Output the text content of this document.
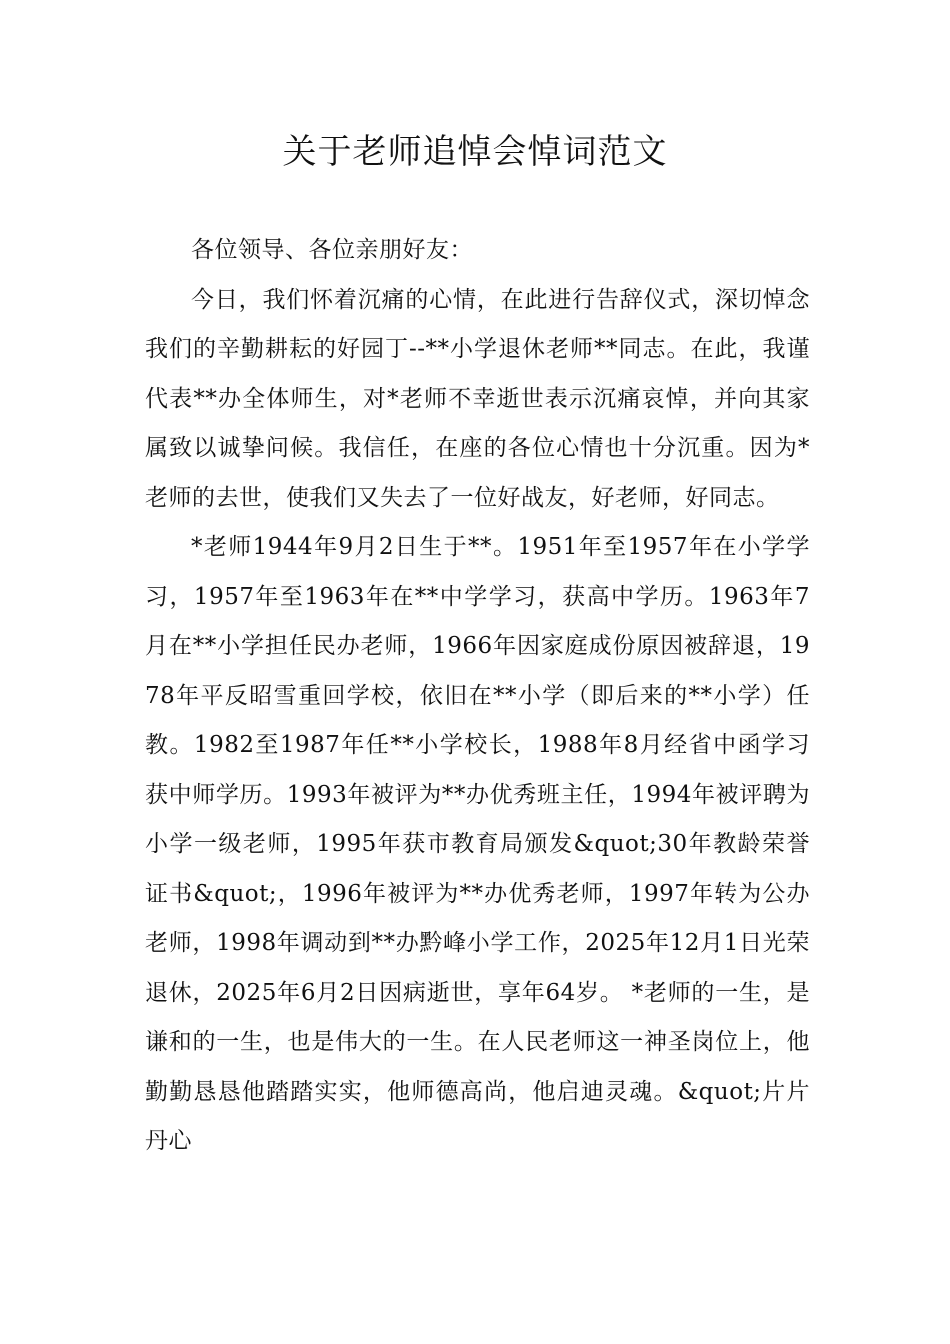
关于老师追悼会悼词范文

各位领导、各位亲朋好友：

今日，我们怀着沉痛的心情，在此进行告辞仪式，深切悼念我们的辛勤耕耘的好园丁--**小学退休老师**同志。在此，我谨代表**办全体师生，对*老师不幸逝世表示沉痛哀悼，并向其家属致以诚挚问候。我信任，在座的各位心情也十分沉重。因为*老师的去世，使我们又失去了一位好战友，好老师，好同志。

*老师1944年9月2日生于**。1951年至1957年在小学学习，1957年至1963年在**中学学习，获高中学历。1963年7月在**小学担任民办老师，1966年因家庭成份原因被辞退，1978年平反昭雪重回学校，依旧在**小学（即后来的**小学）任教。1982至1987年任**小学校长，1988年8月经省中函学习获中师学历。1993年被评为**办优秀班主任，1994年被评聘为小学一级老师，1995年获市教育局颁发&quot;30年教龄荣誉证书&quot;，1996年被评为**办优秀老师，1997年转为公办老师，1998年调动到**办黔峰小学工作，2025年12月1日光荣退休，2025年6月2日因病逝世，享年64岁。 *老师的一生，是谦和的一生，也是伟大的一生。在人民老师这一神圣岗位上，他勤勤恳恳他踏踏实实，他师德高尚，他启迪灵魂。&quot;片片丹心
